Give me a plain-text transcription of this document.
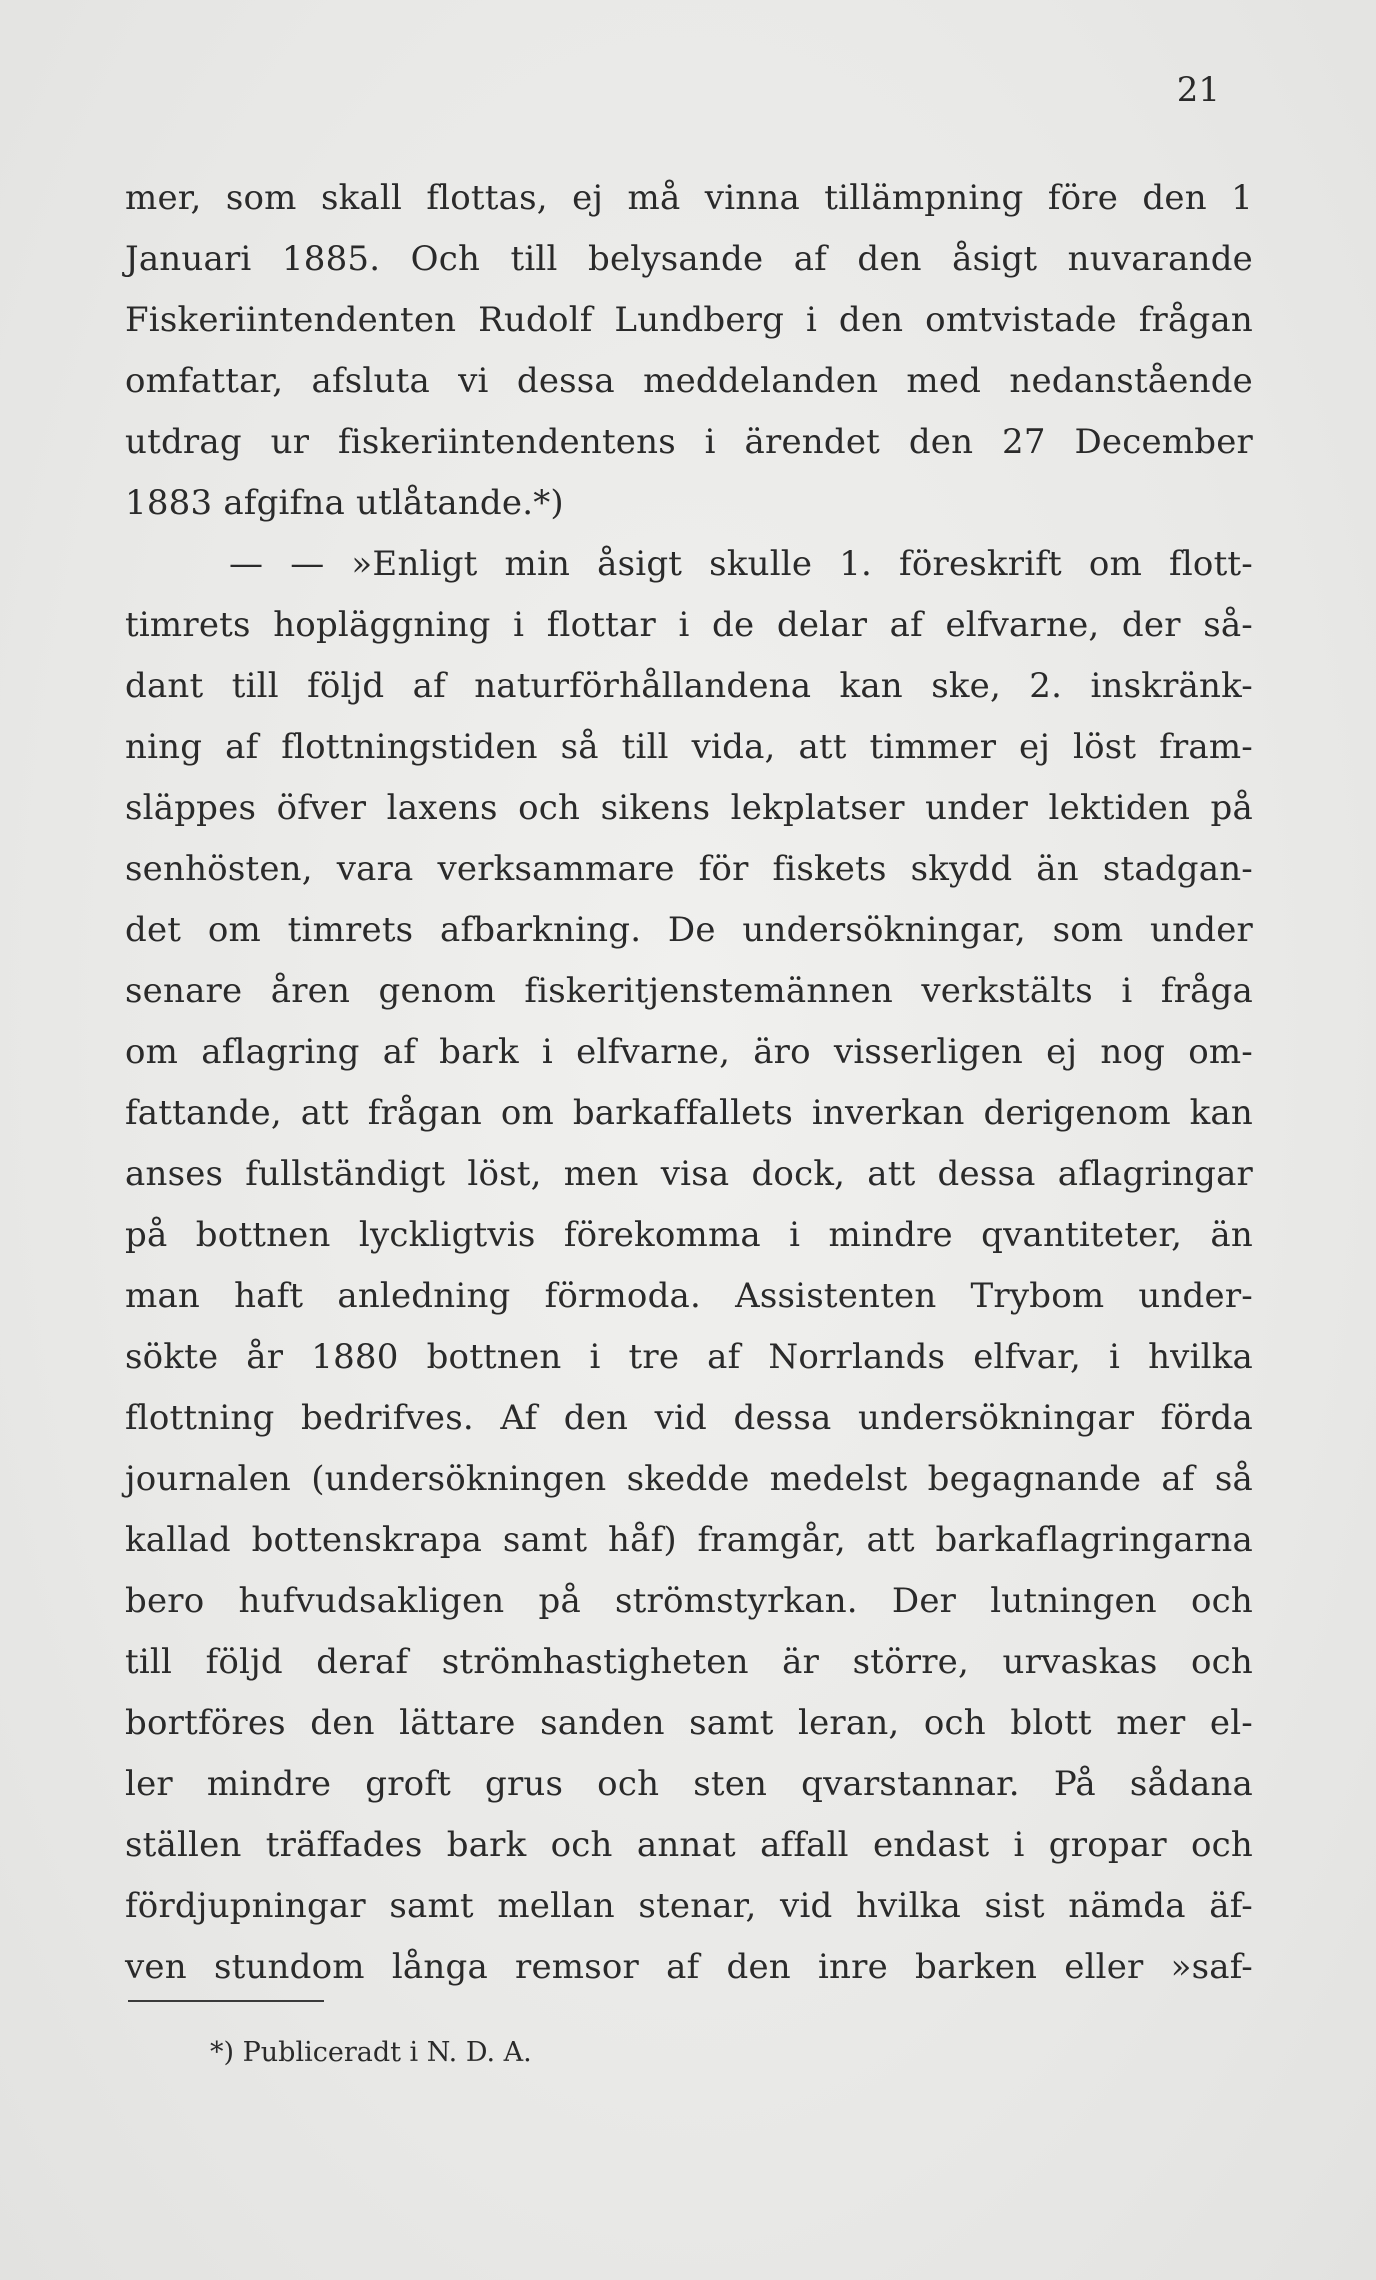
21
mer, som skall flottas, ej må vinna tillämpning före den 1
Januari 1885. Och till belysande af den åsigt nuvarande
Fiskeriintendenten Rudolf Lundberg i den omtvistade frågan
omfattar, afsluta vi dessa meddelanden med nedanstående
utdrag ur fiskeriintendentens i ärendet den 27 December
1883 afgifna utlåtande.*)
— — »Enligt min åsigt skulle 1. föreskrift om flott-
timrets hopläggning i flottar i de delar af elfvarne, der så-
dant till följd af naturförhållandena kan ske, 2. inskränk-
ning af flottningstiden så till vida, att timmer ej löst fram-
släppes öfver laxens och sikens lekplatser under lektiden på
senhösten, vara verksammare för fiskets skydd än stadgan-
det om timrets afbarkning. De undersökningar, som under
senare åren genom fiskeritjenstemännen verkstälts i fråga
om aflagring af bark i elfvarne, äro visserligen ej nog om-
fattande, att frågan om barkaffallets inverkan derigenom kan
anses fullständigt löst, men visa dock, att dessa aflagringar
på bottnen lyckligtvis förekomma i mindre qvantiteter, än
man haft anledning förmoda. Assistenten Trybom under-
sökte år 1880 bottnen i tre af Norrlands elfvar, i hvilka
flottning bedrifves. Af den vid dessa undersökningar förda
journalen (undersökningen skedde medelst begagnande af så
kallad bottenskrapa samt håf) framgår, att barkaflagringarna
bero hufvudsakligen på strömstyrkan. Der lutningen och
till följd deraf strömhastigheten är större, urvaskas och
bortföres den lättare sanden samt leran, och blott mer el-
ler mindre groft grus och sten qvarstannar. På sådana
ställen träffades bark och annat affall endast i gropar och
fördjupningar samt mellan stenar, vid hvilka sist nämda äf-
ven stundom långa remsor af den inre barken eller »saf-
*) Publiceradt i N. D. A.
